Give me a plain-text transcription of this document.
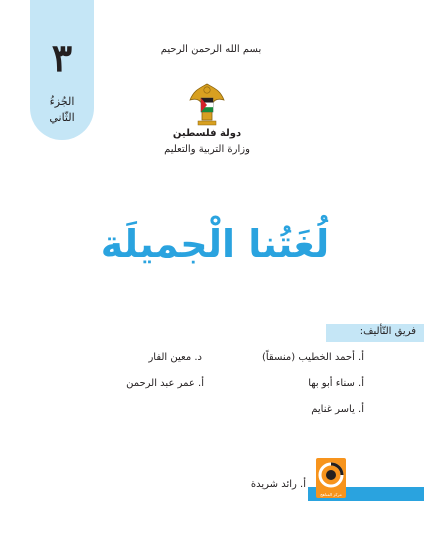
٣
الجُزءُ
الثّاني
بسم الله الرحمن الرحيم
دولة فلسطين
وزارة التربية والتعليم
لُغَتُنا الْجميلَة
فريق التّأليف:
أ. أحمد الخطيب (منسقاً)
د. معين الفار
أ. سناء أبو بها
أ. عمر عبد الرحمن
أ. ياسر غنايم
أ. رائد شريدة
مركز المناهج
